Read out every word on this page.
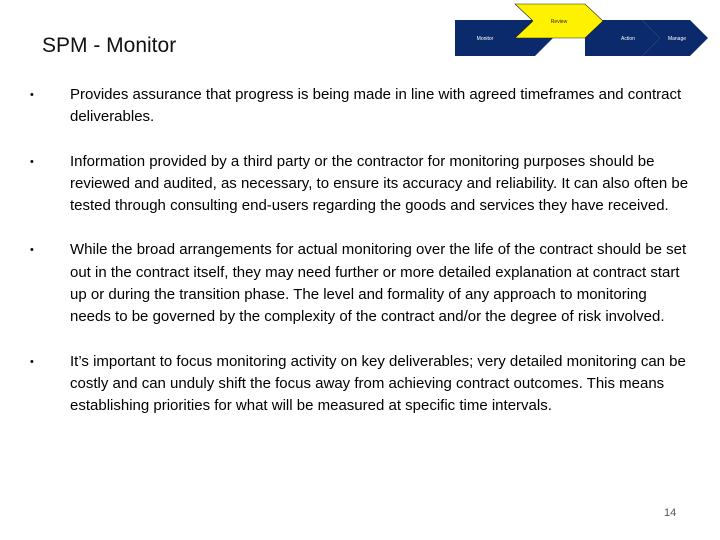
SPM - Monitor	Monitor
Review
Action	Manage
• Provides assurance that progress is being made in line with agreed timeframes and contract deliverables.
• Information provided by a third party or the contractor for monitoring purposes should be reviewed and audited, as necessary, to ensure its accuracy and reliability. It can also often be tested through consulting end-users regarding the goods and services they have received.
• While the broad arrangements for actual monitoring over the life of the contract should be set out in the contract itself, they may need further or more detailed explanation at contract start up or during the transition phase. The level and formality of any approach to monitoring needs to be governed by the complexity of the contract and/or the degree of risk involved.
• It’s important to focus monitoring activity on key deliverables; very detailed monitoring can be costly and can unduly shift the focus away from achieving contract outcomes. This means establishing priorities for what will be measured at specific time intervals.
14
